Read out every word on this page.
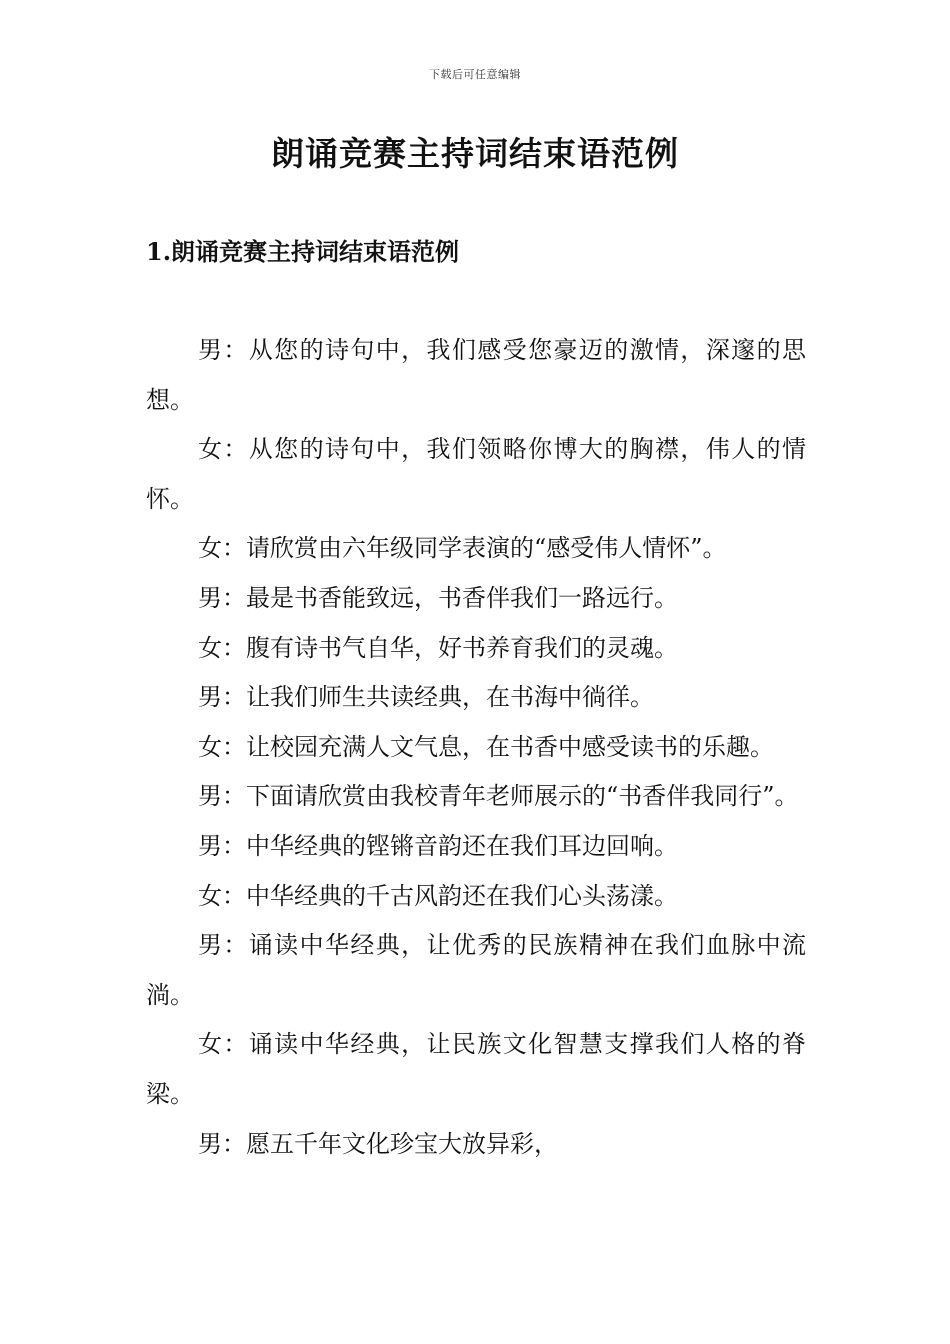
下载后可任意编辑
朗诵竞赛主持词结束语范例
1.朗诵竞赛主持词结束语范例

男：从您的诗句中，我们感受您豪迈的激情，深邃的思想。

女：从您的诗句中，我们领略你博大的胸襟，伟人的情怀。

女：请欣赏由六年级同学表演的“感受伟人情怀”。

男：最是书香能致远，书香伴我们一路远行。

女：腹有诗书气自华，好书养育我们的灵魂。

男：让我们师生共读经典，在书海中徜徉。

女：让校园充满人文气息，在书香中感受读书的乐趣。

男：下面请欣赏由我校青年老师展示的“书香伴我同行”。

男：中华经典的铿锵音韵还在我们耳边回响。

女：中华经典的千古风韵还在我们心头荡漾。

男：诵读中华经典，让优秀的民族精神在我们血脉中流淌。

女：诵读中华经典，让民族文化智慧支撑我们人格的脊梁。

男：愿五千年文化珍宝大放异彩，
